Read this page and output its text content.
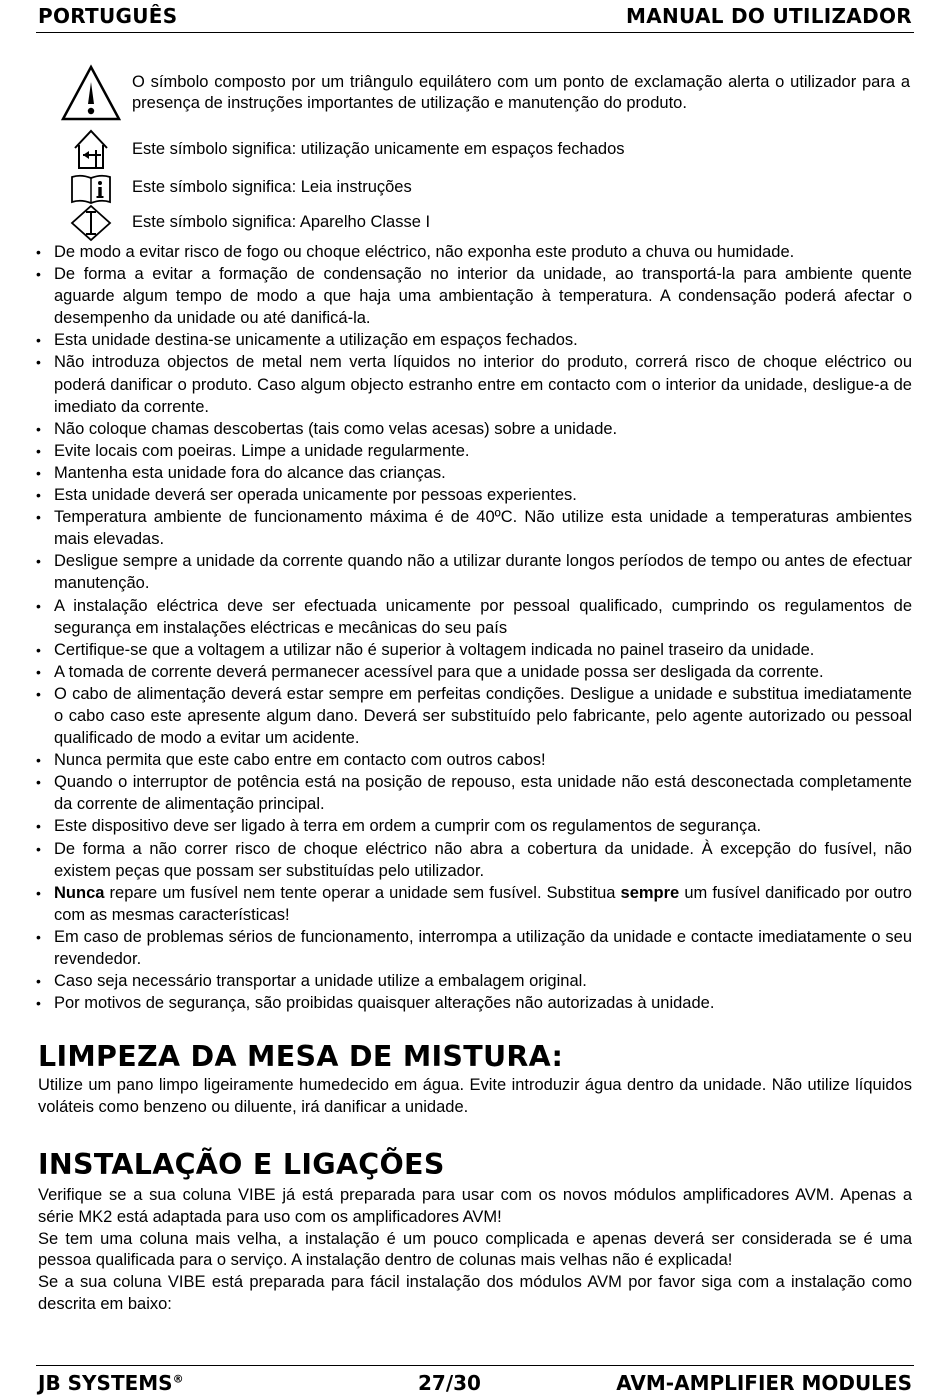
PORTUGUÊS	MANUAL DO UTILIZADOR
O símbolo composto por um triângulo equilátero com um ponto de exclamação alerta o utilizador para a presença de instruções importantes de utilização e manutenção do produto.
Este símbolo significa: utilização unicamente em espaços fechados
Este símbolo significa: Leia instruções
Este símbolo significa: Aparelho Classe I
• De modo a evitar risco de fogo ou choque eléctrico, não exponha este produto a chuva ou humidade.
• De forma a evitar a formação de condensação no interior da unidade, ao transportá-la para ambiente quente aguarde algum tempo de modo a que haja uma ambientação à temperatura. A condensação poderá afectar o desempenho da unidade ou até danificá-la.
• Esta unidade destina-se unicamente a utilização em espaços fechados.
• Não introduza objectos de metal nem verta líquidos no interior do produto, correrá risco de choque eléctrico ou poderá danificar o produto. Caso algum objecto estranho entre em contacto com o interior da unidade, desligue-a de imediato da corrente.
• Não coloque chamas descobertas (tais como velas acesas) sobre a unidade.
• Evite locais com poeiras. Limpe a unidade regularmente.
• Mantenha esta unidade fora do alcance das crianças.
• Esta unidade deverá ser operada unicamente por pessoas experientes.
• Temperatura ambiente de funcionamento máxima é de 40ºC. Não utilize esta unidade a temperaturas ambientes mais elevadas.
• Desligue sempre a unidade da corrente quando não a utilizar durante longos períodos de tempo ou antes de efectuar manutenção.
• A instalação eléctrica deve ser efectuada unicamente por pessoal qualificado, cumprindo os regulamentos de segurança em instalações eléctricas e mecânicas do seu país
• Certifique-se que a voltagem a utilizar não é superior à voltagem indicada no painel traseiro da unidade.
• A tomada de corrente deverá permanecer acessível para que a unidade possa ser desligada da corrente.
• O cabo de alimentação deverá estar sempre em perfeitas condições. Desligue a unidade e substitua imediatamente o cabo caso este apresente algum dano. Deverá ser substituído pelo fabricante, pelo agente autorizado ou pessoal qualificado de modo a evitar um acidente.
• Nunca permita que este cabo entre em contacto com outros cabos!
• Quando o interruptor de potência está na posição de repouso, esta unidade não está desconectada completamente da corrente de alimentação principal.
• Este dispositivo deve ser ligado à terra em ordem a cumprir com os regulamentos de segurança.
• De forma a não correr risco de choque eléctrico não abra a cobertura da unidade. À excepção do fusível, não existem peças que possam ser substituídas pelo utilizador.
• Nunca repare um fusível nem tente operar a unidade sem fusível. Substitua sempre um fusível danificado por outro com as mesmas características!
• Em caso de problemas sérios de funcionamento, interrompa a utilização da unidade e contacte imediatamente o seu revendedor.
• Caso seja necessário transportar a unidade utilize a embalagem original.
• Por motivos de segurança, são proibidas quaisquer alterações não autorizadas à unidade.
LIMPEZA DA MESA DE MISTURA:

Utilize um pano limpo ligeiramente humedecido em água. Evite introduzir água dentro da unidade. Não utilize líquidos voláteis como benzeno ou diluente, irá danificar a unidade.

INSTALAÇÃO E LIGAÇÕES

Verifique se a sua coluna VIBE já está preparada para usar com os novos módulos amplificadores AVM. Apenas a série MK2 está adaptada para uso com os amplificadores AVM!

Se tem uma coluna mais velha, a instalação é um pouco complicada e apenas deverá ser considerada se é uma pessoa qualificada para o serviço. A instalação dentro de colunas mais velhas não é explicada!

Se a sua coluna VIBE está preparada para fácil instalação dos módulos AVM por favor siga com a instalação como descrita em baixo:

JB SYSTEMS®	27/30	AVM-AMPLIFIER MODULES
